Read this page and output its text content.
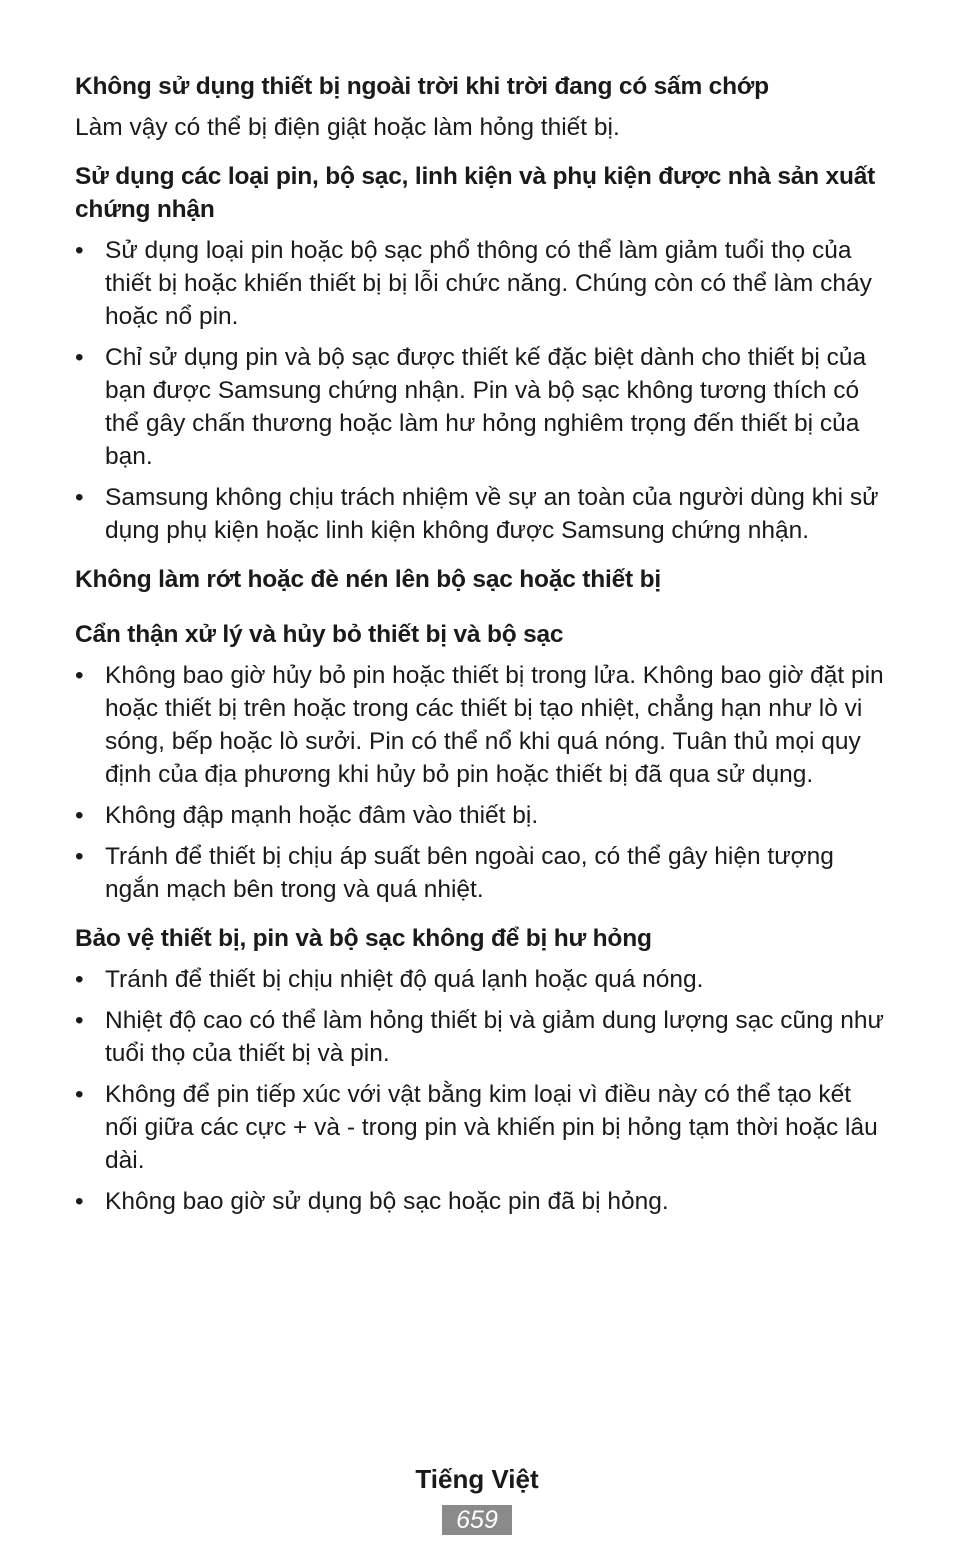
Không sử dụng thiết bị ngoài trời khi trời đang có sấm chớp

Làm vậy có thể bị điện giật hoặc làm hỏng thiết bị.

Sử dụng các loại pin, bộ sạc, linh kiện và phụ kiện được nhà sản xuất chứng nhận

• Sử dụng loại pin hoặc bộ sạc phổ thông có thể làm giảm tuổi thọ của thiết bị hoặc khiến thiết bị bị lỗi chức năng. Chúng còn có thể làm cháy hoặc nổ pin.
• Chỉ sử dụng pin và bộ sạc được thiết kế đặc biệt dành cho thiết bị của bạn được Samsung chứng nhận. Pin và bộ sạc không tương thích có thể gây chấn thương hoặc làm hư hỏng nghiêm trọng đến thiết bị của bạn.
• Samsung không chịu trách nhiệm về sự an toàn của người dùng khi sử dụng phụ kiện hoặc linh kiện không được Samsung chứng nhận.

Không làm rớt hoặc đè nén lên bộ sạc hoặc thiết bị

Cẩn thận xử lý và hủy bỏ thiết bị và bộ sạc

• Không bao giờ hủy bỏ pin hoặc thiết bị trong lửa. Không bao giờ đặt pin hoặc thiết bị trên hoặc trong các thiết bị tạo nhiệt, chẳng hạn như lò vi sóng, bếp hoặc lò sưởi. Pin có thể nổ khi quá nóng. Tuân thủ mọi quy định của địa phương khi hủy bỏ pin hoặc thiết bị đã qua sử dụng.
• Không đập mạnh hoặc đâm vào thiết bị.
• Tránh để thiết bị chịu áp suất bên ngoài cao, có thể gây hiện tượng ngắn mạch bên trong và quá nhiệt.

Bảo vệ thiết bị, pin và bộ sạc không để bị hư hỏng

• Tránh để thiết bị chịu nhiệt độ quá lạnh hoặc quá nóng.
• Nhiệt độ cao có thể làm hỏng thiết bị và giảm dung lượng sạc cũng như tuổi thọ của thiết bị và pin.
• Không để pin tiếp xúc với vật bằng kim loại vì điều này có thể tạo kết nối giữa các cực + và - trong pin và khiến pin bị hỏng tạm thời hoặc lâu dài.
• Không bao giờ sử dụng bộ sạc hoặc pin đã bị hỏng.
Tiếng Việt
659
